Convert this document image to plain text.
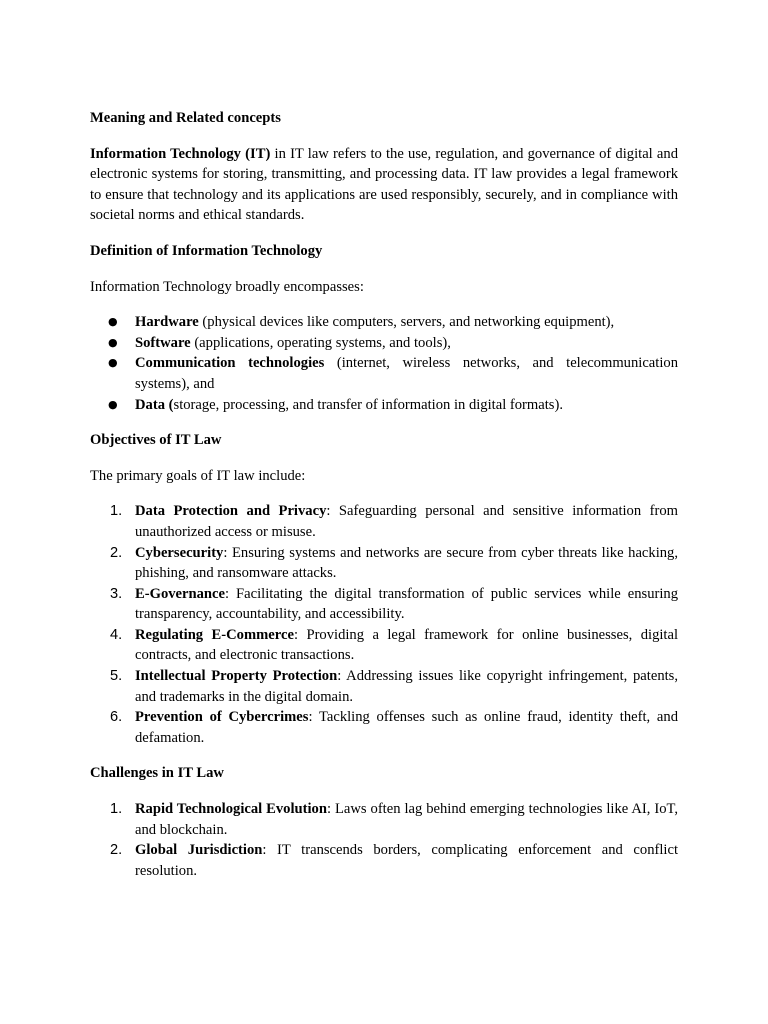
Meaning and Related concepts

Information Technology (IT) in IT law refers to the use, regulation, and governance of digital and electronic systems for storing, transmitting, and processing data. IT law provides a legal framework to ensure that technology and its applications are used responsibly, securely, and in compliance with societal norms and ethical standards.

Definition of Information Technology

Information Technology broadly encompasses:

● Hardware (physical devices like computers, servers, and networking equipment),
● Software (applications, operating systems, and tools),
● Communication technologies (internet, wireless networks, and telecommunication systems), and
● Data (storage, processing, and transfer of information in digital formats).
Objectives of IT Law

The primary goals of IT law include:

1. Data Protection and Privacy: Safeguarding personal and sensitive information from unauthorized access or misuse.
2. Cybersecurity: Ensuring systems and networks are secure from cyber threats like hacking, phishing, and ransomware attacks.
3. E-Governance: Facilitating the digital transformation of public services while ensuring transparency, accountability, and accessibility.
4. Regulating E-Commerce: Providing a legal framework for online businesses, digital contracts, and electronic transactions.
5. Intellectual Property Protection: Addressing issues like copyright infringement, patents, and trademarks in the digital domain.
6. Prevention of Cybercrimes: Tackling offenses such as online fraud, identity theft, and defamation.
Challenges in IT Law
1. Rapid Technological Evolution: Laws often lag behind emerging technologies like AI, IoT, and blockchain.
2. Global Jurisdiction: IT transcends borders, complicating enforcement and conflict resolution.
